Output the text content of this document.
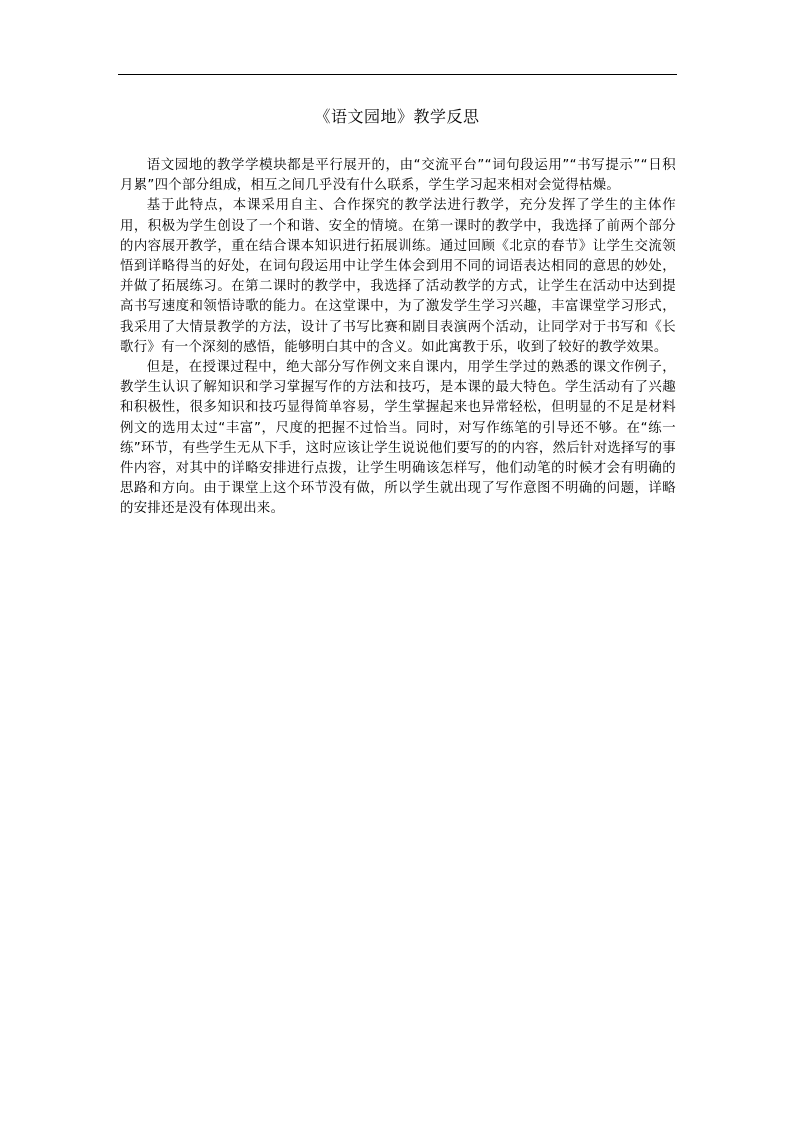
《语文园地》教学反思

语文园地的教学学模块都是平行展开的，由“交流平台”“词句段运用”“书写提示”“日积月累”四个部分组成，相互之间几乎没有什么联系，学生学习起来相对会觉得枯燥。

基于此特点，本课采用自主、合作探究的教学法进行教学，充分发挥了学生的主体作用，积极为学生创设了一个和谐、安全的情境。在第一课时的教学中，我选择了前两个部分的内容展开教学，重在结合课本知识进行拓展训练。通过回顾《北京的春节》让学生交流领悟到详略得当的好处，在词句段运用中让学生体会到用不同的词语表达相同的意思的妙处，并做了拓展练习。在第二课时的教学中，我选择了活动教学的方式，让学生在活动中达到提高书写速度和领悟诗歌的能力。在这堂课中，为了激发学生学习兴趣，丰富课堂学习形式，我采用了大情景教学的方法，设计了书写比赛和剧目表演两个活动，让同学对于书写和《长歌行》有一个深刻的感悟，能够明白其中的含义。如此寓教于乐，收到了较好的教学效果。

但是，在授课过程中，绝大部分写作例文来自课内，用学生学过的熟悉的课文作例子，教学生认识了解知识和学习掌握写作的方法和技巧，是本课的最大特色。学生活动有了兴趣和积极性，很多知识和技巧显得简单容易，学生掌握起来也异常轻松，但明显的不足是材料例文的选用太过“丰富”，尺度的把握不过恰当。同时，对写作练笔的引导还不够。在“练一练”环节，有些学生无从下手，这时应该让学生说说他们要写的的内容，然后针对选择写的事件内容，对其中的详略安排进行点拨，让学生明确该怎样写，他们动笔的时候才会有明确的思路和方向。由于课堂上这个环节没有做，所以学生就出现了写作意图不明确的问题，详略的安排还是没有体现出来。
